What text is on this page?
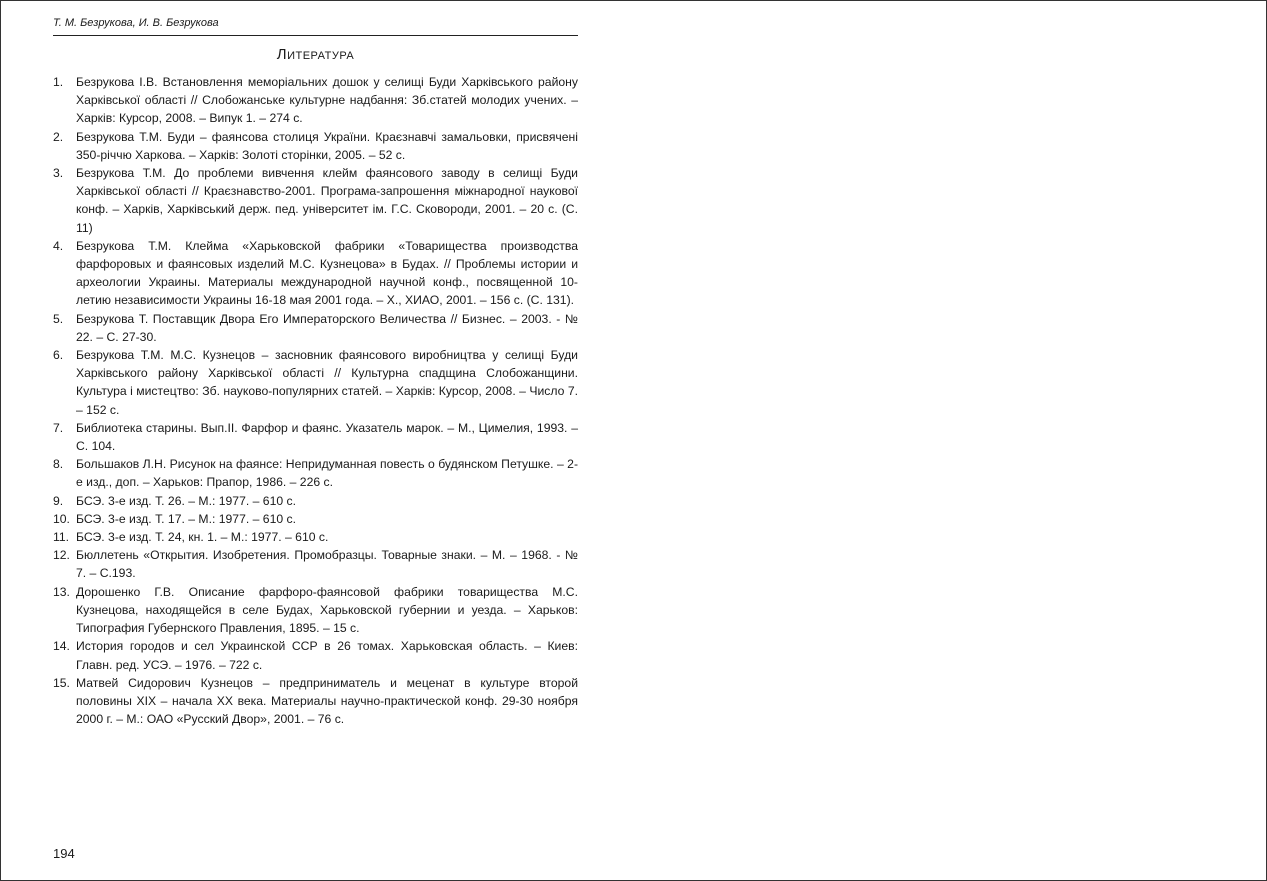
Т. М. Безрукова, И. В. Безрукова
Литература
1. Безрукова І.В. Встановлення меморіальних дошок у селищі Буди Харківського району Харківської області // Слобожанське культурне надбання: Зб.статей молодих учених. – Харків: Курсор, 2008. – Випук 1. – 274 с.
2. Безрукова Т.М. Буди – фаянсова столиця України. Краєзнавчі замальовки, присвячені 350-річчю Харкова. – Харків: Золоті сторінки, 2005. – 52 с.
3. Безрукова Т.М. До проблеми вивчення клейм фаянсового заводу в селищі Буди Харківської області // Краєзнавство-2001. Програма-запрошення міжнародної наукової конф. – Харків, Харківський держ. пед. університет ім. Г.С. Сковороди, 2001. – 20 с. (С. 11)
4. Безрукова Т.М. Клейма «Харьковской фабрики «Товарищества производства фарфоровых и фаянсовых изделий М.С. Кузнецова» в Будах. // Проблемы истории и археологии Украины. Материалы международной научной конф., посвященной 10-летию независимости Украины 16-18 мая 2001 года. – Х., ХИАО, 2001. – 156 с. (С. 131).
5. Безрукова Т. Поставщик Двора Его Императорского Величества // Бизнес. – 2003. - № 22. – С. 27-30.
6. Безрукова Т.М. М.С. Кузнецов – засновник фаянсового виробництва у селищі Буди Харківського району Харківської області // Культурна спадщина Слобожанщини. Культура і мистецтво: Зб. науково-популярних статей. – Харків: Курсор, 2008. – Число 7. – 152 с.
7. Библиотека старины. Вып.II. Фарфор и фаянс. Указатель марок. – М., Цимелия, 1993. – С. 104.
8. Большаков Л.Н. Рисунок на фаянсе: Непридуманная повесть о будянском Петушке. – 2-е изд., доп. – Харьков: Прапор, 1986. – 226 с.
9. БСЭ. 3-е изд. Т. 26. – М.: 1977. – 610 с.
10. БСЭ. 3-е изд. Т. 17. – М.: 1977. – 610 с.
11. БСЭ. 3-е изд. Т. 24, кн. 1. – М.: 1977. – 610 с.
12. Бюллетень «Открытия. Изобретения. Промобразцы. Товарные знаки. – М. – 1968. - № 7. – С.193.
13. Дорошенко Г.В. Описание фарфоро-фаянсовой фабрики товарищества М.С. Кузнецова, находящейся в селе Будах, Харьковской губернии и уезда. – Харьков: Типография Губернского Правления, 1895. – 15 с.
14. История городов и сел Украинской ССР в 26 томах. Харьковская область. – Киев: Главн. ред. УСЭ. – 1976. – 722 с.
15. Матвей Сидорович Кузнецов – предприниматель и меценат в культуре второй половины XIX – начала XX века. Материалы научно-практической конф. 29-30 ноября 2000 г. – М.: ОАО «Русский Двор», 2001. – 76 с.
194
